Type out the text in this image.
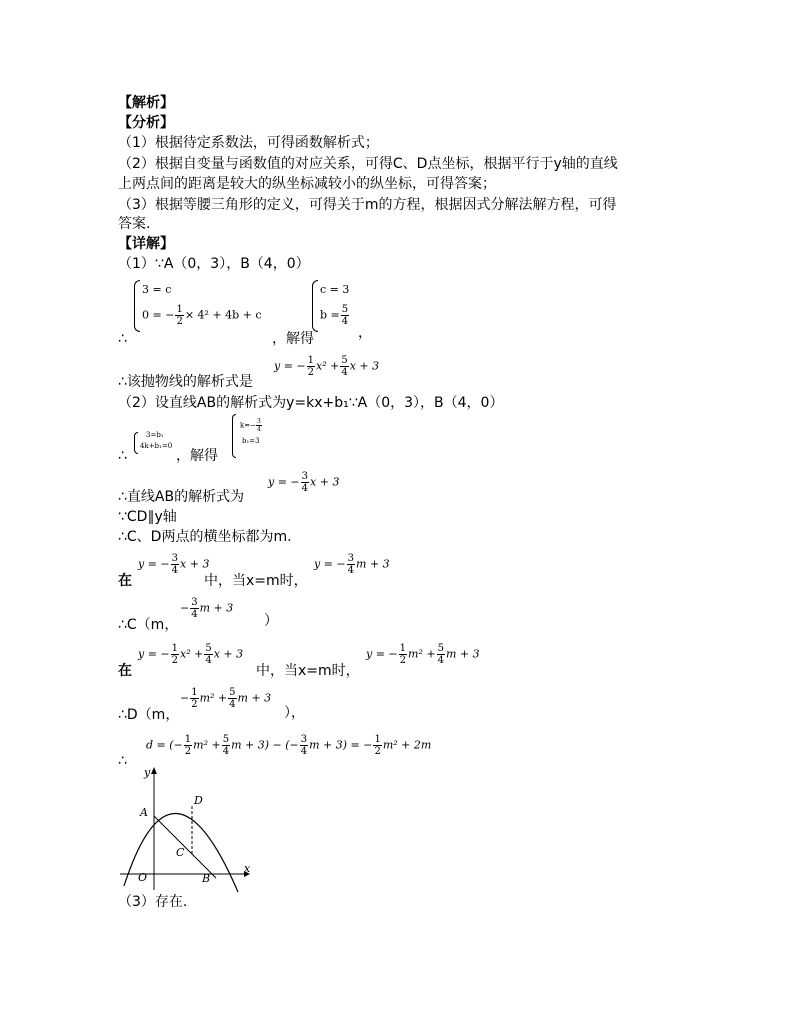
【解析】
【分析】
（1）根据待定系数法，可得函数解析式；
（2）根据自变量与函数值的对应关系，可得C、D点坐标，根据平行于y轴的直线
上两点间的距离是较大的纵坐标减较小的纵坐标，可得答案；
（3）根据等腰三角形的定义，可得关于m的方程，根据因式分解法解方程，可得
答案.
【详解】
（1）∵A（0，3），B（4，0）
∴
3 = c
0 = − $\frac{1}{2} \times 4^2 + 4b + c$
，解得
c = 3
$b = \frac{5}{4}$
，
∴该抛物线的解析式是
y = − $\frac{1}{2} x^2 + \frac{5}{4}$ x + 3
（2）设直线AB的解析式为y=kx+b₁∵A（0，3），B（4，0）
∴
3=b₁
4k+b₁=0
，解得
$k=- \frac{3}{4}$
b₁=3
∴直线AB的解析式为
y = − $\frac{3}{4}$ x + 3
∵CD∥y轴
∴C、D两点的横坐标都为m.
在
y = − $\frac{3}{4}$ x + 3
中，当x=m时，
y = − $\frac{3}{4}$ m + 3
∴C（m，
− $\frac{3}{4}$ m + 3
）
在
y = − $\frac{1}{2} x^2 + \frac{5}{4}$ x + 3
中，当x=m时，
y = − $\frac{1}{2} m^2 + \frac{5}{4}$ m + 3
∴D（m，
− $\frac{1}{2} m^2 + \frac{5}{4}$ m + 3
），
∴
d = (− $\frac{1}{2} m^2 + \frac{5}{4}$ m + 3) − (− $\frac{3}{4}$ m + 3) = − $\frac{1}{2} m^2 + 2m$
y
x
O
A
B
C
D
（3）存在.
